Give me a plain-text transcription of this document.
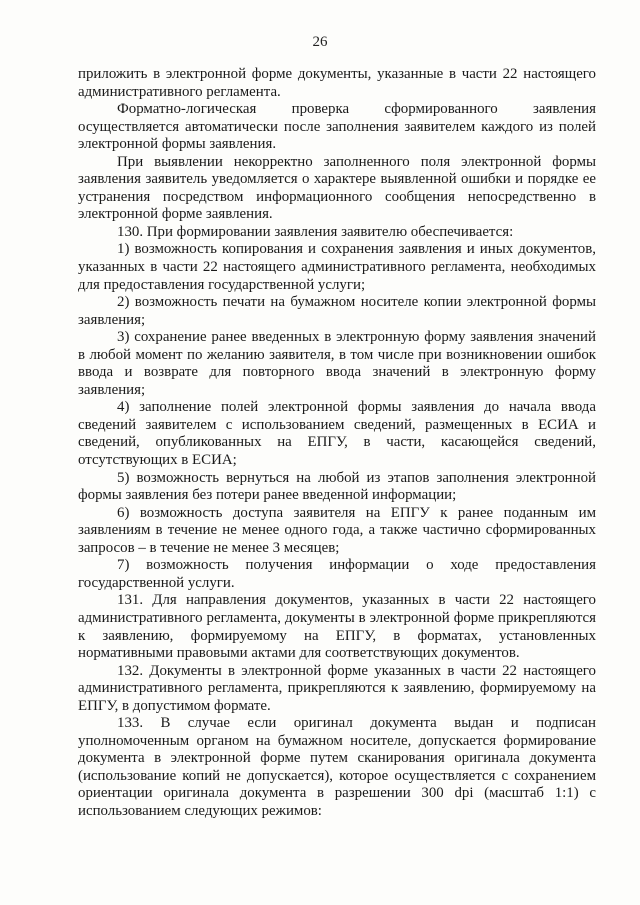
26

приложить в электронной форме документы, указанные в части 22 настоящего административного регламента.

Форматно-логическая проверка сформированного заявления осуществляется автоматически после заполнения заявителем каждого из полей электронной формы заявления.

При выявлении некорректно заполненного поля электронной формы заявления заявитель уведомляется о характере выявленной ошибки и порядке ее устранения посредством информационного сообщения непосредственно в электронной форме заявления.

130. При формировании заявления заявителю обеспечивается:

1) возможность копирования и сохранения заявления и иных документов, указанных в части 22 настоящего административного регламента, необходимых для предоставления государственной услуги;

2) возможность печати на бумажном носителе копии электронной формы заявления;

3) сохранение ранее введенных в электронную форму заявления значений в любой момент по желанию заявителя, в том числе при возникновении ошибок ввода и возврате для повторного ввода значений в электронную форму заявления;

4) заполнение полей электронной формы заявления до начала ввода сведений заявителем с использованием сведений, размещенных в ЕСИА и сведений, опубликованных на ЕПГУ, в части, касающейся сведений, отсутствующих в ЕСИА;

5) возможность вернуться на любой из этапов заполнения электронной формы заявления без потери ранее введенной информации;

6) возможность доступа заявителя на ЕПГУ к ранее поданным им заявлениям в течение не менее одного года, а также частично сформированных запросов – в течение не менее 3 месяцев;

7) возможность получения информации о ходе предоставления государственной услуги.

131. Для направления документов, указанных в части 22 настоящего административного регламента, документы в электронной форме прикрепляются к заявлению, формируемому на ЕПГУ, в форматах, установленных нормативными правовыми актами для соответствующих документов.

132. Документы в электронной форме указанных в части 22 настоящего административного регламента, прикрепляются к заявлению, формируемому на ЕПГУ, в допустимом формате.

133. В случае если оригинал документа выдан и подписан уполномоченным органом на бумажном носителе, допускается формирование документа в электронной форме путем сканирования оригинала документа (использование копий не допускается), которое осуществляется с сохранением ориентации оригинала документа в разрешении 300 dpi (масштаб 1:1) с использованием следующих режимов:
